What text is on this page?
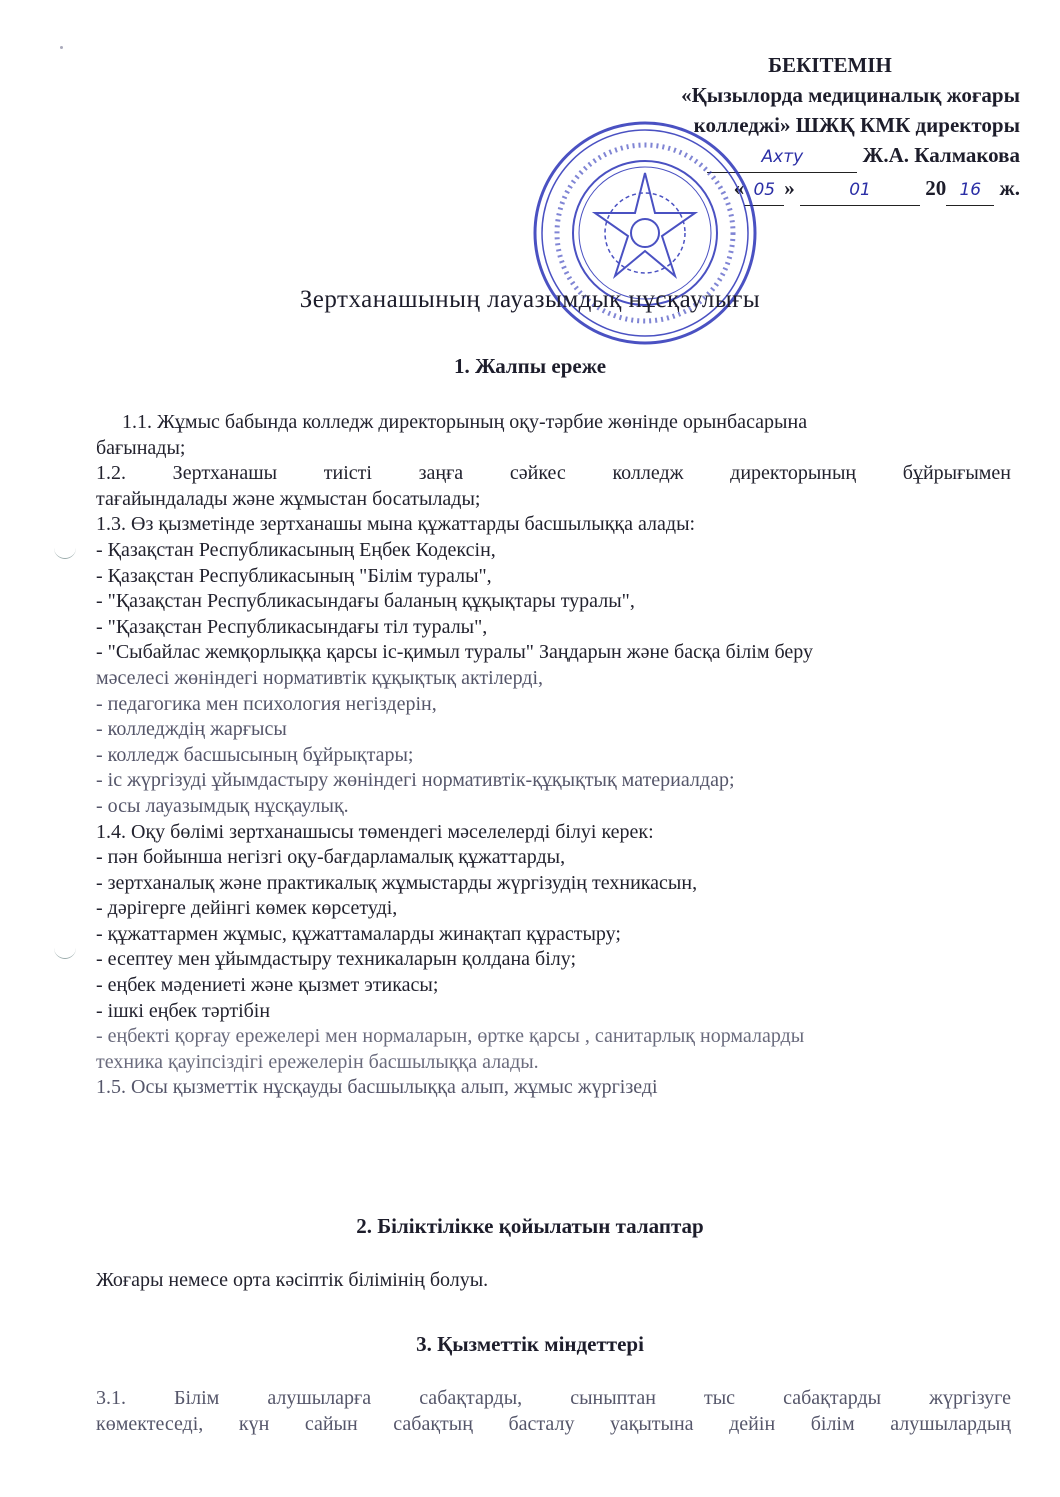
БЕКІТЕМІН
«Қызылорда медициналық жоғары
колледжі» ШЖҚ КМК директоры
Ахту	Ж.А. Калмакова
« 05 »	01	20 16 ж.
Зертханашының лауазымдық нұсқаулығы
1. Жалпы ереже

1.1. Жұмыс бабында колледж директорының оқу-тәрбие жөнінде орынбасарына

бағынады;

1.2. Зертханашы тиісті заңға сәйкес колледж директорының бұйрығымен

тағайындалады және жұмыстан босатылады;

1.3. Өз қызметінде зертханашы мына құжаттарды басшылыққа алады:

- Қазақстан Республикасының Еңбек Кодексін,

- Қазақстан Республикасының "Білім туралы",

- "Қазақстан Республикасындағы баланың құқықтары туралы",

- "Қазақстан Республикасындағы тіл туралы",

- "Сыбайлас жемқорлыққа қарсы іс-қимыл туралы" Заңдарын және басқа білім беру

мәселесі жөніндегі нормативтік құқықтық актілерді,

- педагогика мен психология негіздерін,

- колледждің жарғысы

- колледж басшысының бұйрықтары;

- іс жүргізуді ұйымдастыру жөніндегі нормативтік-құқықтық материалдар;

- осы лауазымдық нұсқаулық.

1.4. Оқу бөлімі зертханашысы төмендегі мәселелерді білуі керек:

- пән бойынша негізгі оқу-бағдарламалық құжаттарды,

- зертханалық және практикалық жұмыстарды жүргізудің техникасын,

- дәрігерге дейінгі көмек көрсетуді,

- құжаттармен жұмыс, құжаттамаларды жинақтап құрастыру;

- есептеу мен ұйымдастыру техникаларын қолдана білу;

- еңбек мәдениеті және қызмет этикасы;

- ішкі еңбек тәртібін

- еңбекті қорғау ережелері мен нормаларын, өртке қарсы , санитарлық нормаларды

техника қауіпсіздігі ережелерін басшылыққа алады.

1.5. Осы қызметтік нұсқауды басшылыққа алып, жұмыс жүргізеді

2. Біліктілікке қойылатын талаптар

Жоғары немесе орта кәсіптік білімінің болуы.

3. Қызметтік міндеттері

3.1. Білім алушыларға сабақтарды, сыныптан тыс сабақтарды жүргізуге

көмектеседі, күн сайын сабақтың басталу уақытына дейін білім алушылардың
